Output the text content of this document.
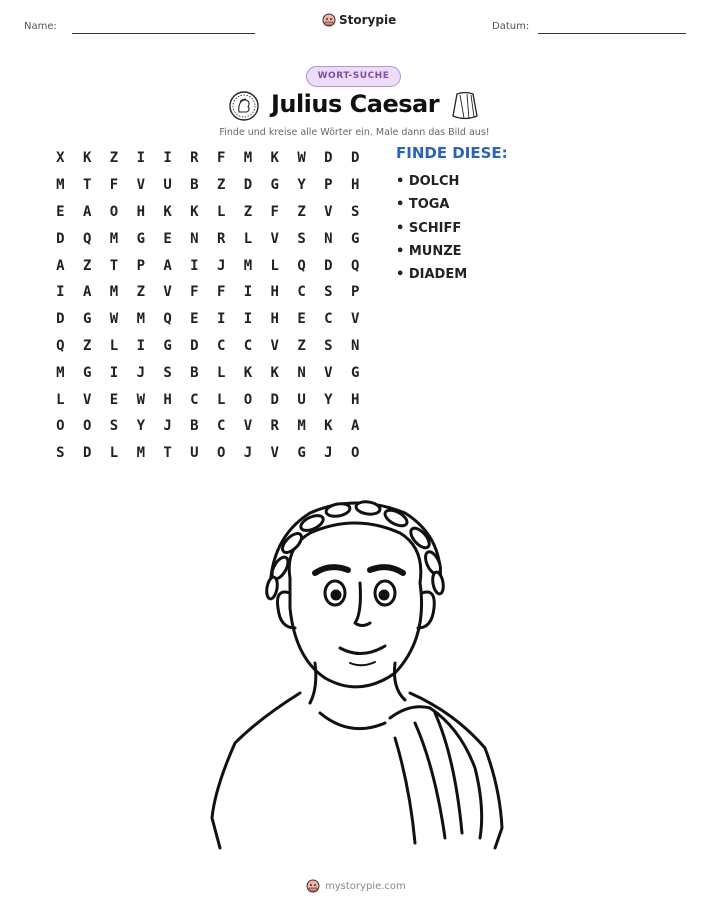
Name:	Storypie	Datum:
WORT-SUCHE
Julius Caesar
Finde und kreise alle Wörter ein. Male dann das Bild aus!
X	K	Z	I	I	R	F	M	K	W	D	D
M	T	F	V	U	B	Z	D	G	Y	P	H
E	A	O	H	K	K	L	Z	F	Z	V	S
D	Q	M	G	E	N	R	L	V	S	N	G
A	Z	T	P	A	I	J	M	L	Q	D	Q
I	A	M	Z	V	F	F	I	H	C	S	P
D	G	W	M	Q	E	I	I	H	E	C	V
Q	Z	L	I	G	D	C	C	V	Z	S	N
M	G	I	J	S	B	L	K	K	N	V	G
L	V	E	W	H	C	L	O	D	U	Y	H
O	O	S	Y	J	B	C	V	R	M	K	A
S	D	L	M	T	U	O	J	V	G	J	O
FINDE DIESE:
• DOLCH
• TOGA
• SCHIFF
• MUNZE
• DIADEM
mystorypie.com
